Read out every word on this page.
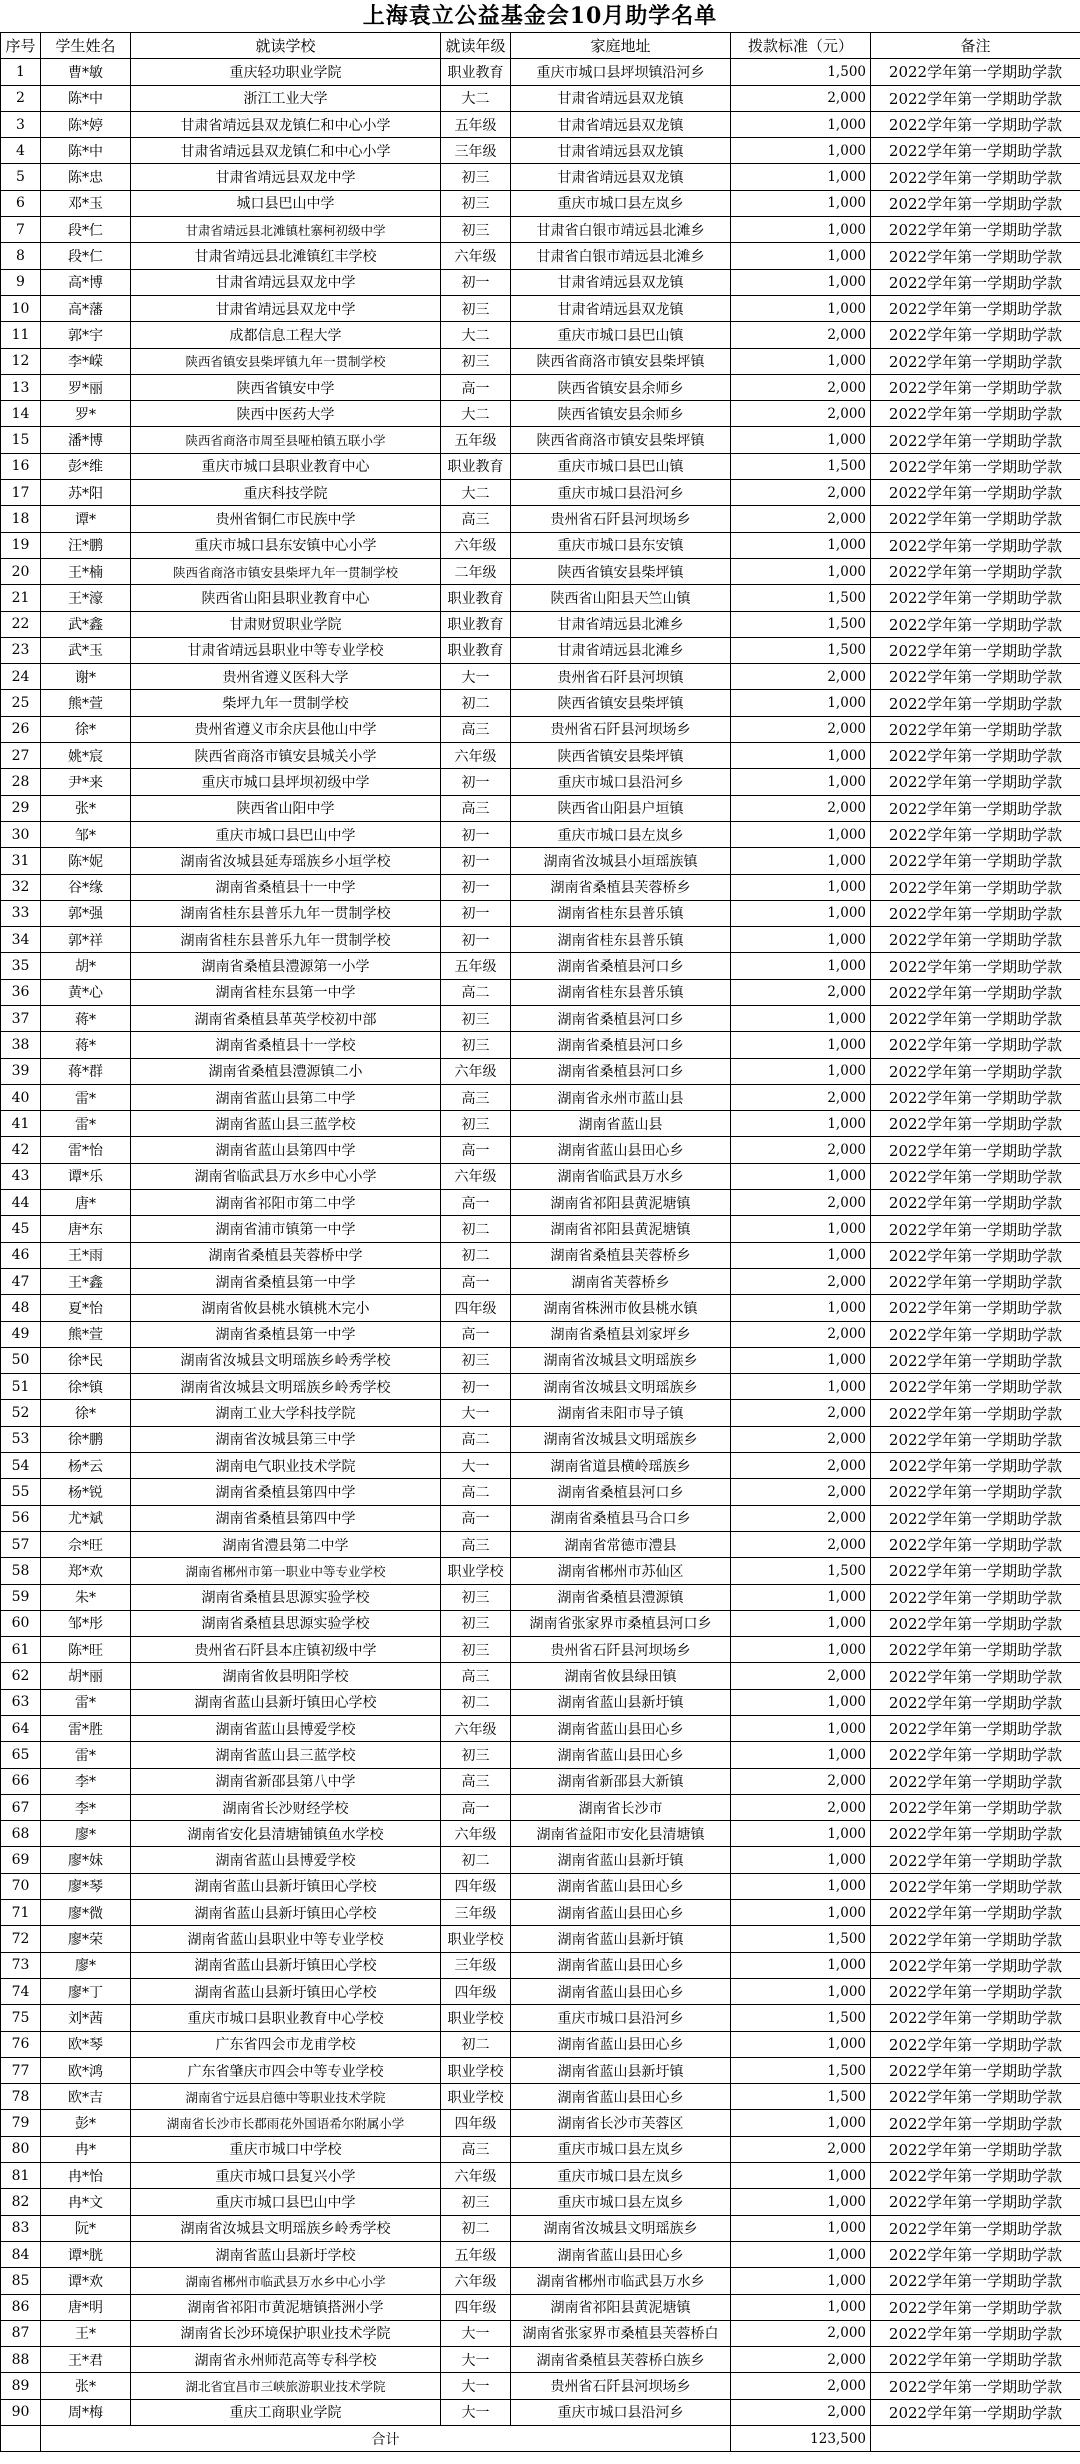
上海袁立公益基金会10月助学名单
序号	学生姓名	就读学校	就读年级	家庭地址	拨款标准（元）	备注
1	曹*敏	重庆轻功职业学院	职业教育	重庆市城口县坪坝镇沿河乡	1,500	2022学年第一学期助学款
2	陈*中	浙江工业大学	大二	甘肃省靖远县双龙镇	2,000	2022学年第一学期助学款
3	陈*婷	甘肃省靖远县双龙镇仁和中心小学	五年级	甘肃省靖远县双龙镇	1,000	2022学年第一学期助学款
4	陈*中	甘肃省靖远县双龙镇仁和中心小学	三年级	甘肃省靖远县双龙镇	1,000	2022学年第一学期助学款
5	陈*忠	甘肃省靖远县双龙中学	初三	甘肃省靖远县双龙镇	1,000	2022学年第一学期助学款
6	邓*玉	城口县巴山中学	初三	重庆市城口县左岚乡	1,000	2022学年第一学期助学款
7	段*仁	甘肃省靖远县北滩镇杜寨柯初级中学	初三	甘肃省白银市靖远县北滩乡	1,000	2022学年第一学期助学款
8	段*仁	甘肃省靖远县北滩镇红丰学校	六年级	甘肃省白银市靖远县北滩乡	1,000	2022学年第一学期助学款
9	高*博	甘肃省靖远县双龙中学	初一	甘肃省靖远县双龙镇	1,000	2022学年第一学期助学款
10	高*藩	甘肃省靖远县双龙中学	初三	甘肃省靖远县双龙镇	1,000	2022学年第一学期助学款
11	郭*宇	成都信息工程大学	大二	重庆市城口县巴山镇	2,000	2022学年第一学期助学款
12	李*嵘	陕西省镇安县柴坪镇九年一贯制学校	初三	陕西省商洛市镇安县柴坪镇	1,000	2022学年第一学期助学款
13	罗*丽	陕西省镇安中学	高一	陕西省镇安县余师乡	2,000	2022学年第一学期助学款
14	罗*	陕西中医药大学	大二	陕西省镇安县余师乡	2,000	2022学年第一学期助学款
15	潘*博	陕西省商洛市周至县哑柏镇五联小学	五年级	陕西省商洛市镇安县柴坪镇	1,000	2022学年第一学期助学款
16	彭*维	重庆市城口县职业教育中心	职业教育	重庆市城口县巴山镇	1,500	2022学年第一学期助学款
17	苏*阳	重庆科技学院	大二	重庆市城口县沿河乡	2,000	2022学年第一学期助学款
18	谭*	贵州省铜仁市民族中学	高三	贵州省石阡县河坝场乡	2,000	2022学年第一学期助学款
19	汪*鹏	重庆市城口县东安镇中心小学	六年级	重庆市城口县东安镇	1,000	2022学年第一学期助学款
20	王*楠	陕西省商洛市镇安县柴坪九年一贯制学校	二年级	陕西省镇安县柴坪镇	1,000	2022学年第一学期助学款
21	王*濠	陕西省山阳县职业教育中心	职业教育	陕西省山阳县天竺山镇	1,500	2022学年第一学期助学款
22	武*鑫	甘肃财贸职业学院	职业教育	甘肃省靖远县北滩乡	1,500	2022学年第一学期助学款
23	武*玉	甘肃省靖远县职业中等专业学校	职业教育	甘肃省靖远县北滩乡	1,500	2022学年第一学期助学款
24	谢*	贵州省遵义医科大学	大一	贵州省石阡县河坝镇	2,000	2022学年第一学期助学款
25	熊*萱	柴坪九年一贯制学校	初二	陕西省镇安县柴坪镇	1,000	2022学年第一学期助学款
26	徐*	贵州省遵义市余庆县他山中学	高三	贵州省石阡县河坝场乡	2,000	2022学年第一学期助学款
27	姚*宸	陕西省商洛市镇安县城关小学	六年级	陕西省镇安县柴坪镇	1,000	2022学年第一学期助学款
28	尹*来	重庆市城口县坪坝初级中学	初一	重庆市城口县沿河乡	1,000	2022学年第一学期助学款
29	张*	陕西省山阳中学	高三	陕西省山阳县户垣镇	2,000	2022学年第一学期助学款
30	邹*	重庆市城口县巴山中学	初一	重庆市城口县左岚乡	1,000	2022学年第一学期助学款
31	陈*妮	湖南省汝城县延寿瑶族乡小垣学校	初一	湖南省汝城县小垣瑶族镇	1,000	2022学年第一学期助学款
32	谷*缘	湖南省桑植县十一中学	初一	湖南省桑植县芙蓉桥乡	1,000	2022学年第一学期助学款
33	郭*强	湖南省桂东县普乐九年一贯制学校	初一	湖南省桂东县普乐镇	1,000	2022学年第一学期助学款
34	郭*祥	湖南省桂东县普乐九年一贯制学校	初一	湖南省桂东县普乐镇	1,000	2022学年第一学期助学款
35	胡*	湖南省桑植县澧源第一小学	五年级	湖南省桑植县河口乡	1,000	2022学年第一学期助学款
36	黄*心	湖南省桂东县第一中学	高二	湖南省桂东县普乐镇	2,000	2022学年第一学期助学款
37	蒋*	湖南省桑植县革英学校初中部	初三	湖南省桑植县河口乡	1,000	2022学年第一学期助学款
38	蒋*	湖南省桑植县十一学校	初三	湖南省桑植县河口乡	1,000	2022学年第一学期助学款
39	蒋*群	湖南省桑植县澧源镇二小	六年级	湖南省桑植县河口乡	1,000	2022学年第一学期助学款
40	雷*	湖南省蓝山县第二中学	高三	湖南省永州市蓝山县	2,000	2022学年第一学期助学款
41	雷*	湖南省蓝山县三蓝学校	初三	湖南省蓝山县	1,000	2022学年第一学期助学款
42	雷*怡	湖南省蓝山县第四中学	高一	湖南省蓝山县田心乡	2,000	2022学年第一学期助学款
43	谭*乐	湖南省临武县万水乡中心小学	六年级	湖南省临武县万水乡	1,000	2022学年第一学期助学款
44	唐*	湖南省祁阳市第二中学	高一	湖南省祁阳县黄泥塘镇	2,000	2022学年第一学期助学款
45	唐*东	湖南省浦市镇第一中学	初二	湖南省祁阳县黄泥塘镇	1,000	2022学年第一学期助学款
46	王*雨	湖南省桑植县芙蓉桥中学	初二	湖南省桑植县芙蓉桥乡	1,000	2022学年第一学期助学款
47	王*鑫	湖南省桑植县第一中学	高一	湖南省芙蓉桥乡	2,000	2022学年第一学期助学款
48	夏*怡	湖南省攸县桃水镇桃木完小	四年级	湖南省株洲市攸县桃水镇	1,000	2022学年第一学期助学款
49	熊*萱	湖南省桑植县第一中学	高一	湖南省桑植县刘家坪乡	2,000	2022学年第一学期助学款
50	徐*民	湖南省汝城县文明瑶族乡岭秀学校	初三	湖南省汝城县文明瑶族乡	1,000	2022学年第一学期助学款
51	徐*镇	湖南省汝城县文明瑶族乡岭秀学校	初一	湖南省汝城县文明瑶族乡	1,000	2022学年第一学期助学款
52	徐*	湖南工业大学科技学院	大一	湖南省耒阳市导子镇	2,000	2022学年第一学期助学款
53	徐*鹏	湖南省汝城县第三中学	高二	湖南省汝城县文明瑶族乡	2,000	2022学年第一学期助学款
54	杨*云	湖南电气职业技术学院	大一	湖南省道县横岭瑶族乡	2,000	2022学年第一学期助学款
55	杨*锐	湖南省桑植县第四中学	高二	湖南省桑植县河口乡	2,000	2022学年第一学期助学款
56	尤*斌	湖南省桑植县第四中学	高一	湖南省桑植县马合口乡	2,000	2022学年第一学期助学款
57	佘*旺	湖南省澧县第二中学	高三	湖南省常德市澧县	2,000	2022学年第一学期助学款
58	郑*欢	湖南省郴州市第一职业中等专业学校	职业学校	湖南省郴州市苏仙区	1,500	2022学年第一学期助学款
59	朱*	湖南省桑植县思源实验学校	初三	湖南省桑植县澧源镇	1,000	2022学年第一学期助学款
60	邹*彤	湖南省桑植县思源实验学校	初三	湖南省张家界市桑植县河口乡	1,000	2022学年第一学期助学款
61	陈*旺	贵州省石阡县本庄镇初级中学	初三	贵州省石阡县河坝场乡	1,000	2022学年第一学期助学款
62	胡*丽	湖南省攸县明阳学校	高三	湖南省攸县绿田镇	2,000	2022学年第一学期助学款
63	雷*	湖南省蓝山县新圩镇田心学校	初二	湖南省蓝山县新圩镇	1,000	2022学年第一学期助学款
64	雷*胜	湖南省蓝山县博爱学校	六年级	湖南省蓝山县田心乡	1,000	2022学年第一学期助学款
65	雷*	湖南省蓝山县三蓝学校	初三	湖南省蓝山县田心乡	1,000	2022学年第一学期助学款
66	李*	湖南省新邵县第八中学	高三	湖南省新邵县大新镇	2,000	2022学年第一学期助学款
67	李*	湖南省长沙财经学校	高一	湖南省长沙市	2,000	2022学年第一学期助学款
68	廖*	湖南省安化县清塘铺镇鱼水学校	六年级	湖南省益阳市安化县清塘镇	1,000	2022学年第一学期助学款
69	廖*妹	湖南省蓝山县博爱学校	初二	湖南省蓝山县新圩镇	1,000	2022学年第一学期助学款
70	廖*琴	湖南省蓝山县新圩镇田心学校	四年级	湖南省蓝山县田心乡	1,000	2022学年第一学期助学款
71	廖*微	湖南省蓝山县新圩镇田心学校	三年级	湖南省蓝山县田心乡	1,000	2022学年第一学期助学款
72	廖*荣	湖南省蓝山县职业中等专业学校	职业学校	湖南省蓝山县新圩镇	1,500	2022学年第一学期助学款
73	廖*	湖南省蓝山县新圩镇田心学校	三年级	湖南省蓝山县田心乡	1,000	2022学年第一学期助学款
74	廖*丁	湖南省蓝山县新圩镇田心学校	四年级	湖南省蓝山县田心乡	1,000	2022学年第一学期助学款
75	刘*茜	重庆市城口县职业教育中心学校	职业学校	重庆市城口县沿河乡	1,500	2022学年第一学期助学款
76	欧*琴	广东省四会市龙甫学校	初二	湖南省蓝山县田心乡	1,000	2022学年第一学期助学款
77	欧*鸿	广东省肇庆市四会中等专业学校	职业学校	湖南省蓝山县新圩镇	1,500	2022学年第一学期助学款
78	欧*吉	湖南省宁远县启德中等职业技术学院	职业学校	湖南省蓝山县田心乡	1,500	2022学年第一学期助学款
79	彭*	湖南省长沙市长郡雨花外国语希尔附属小学	四年级	湖南省长沙市芙蓉区	1,000	2022学年第一学期助学款
80	冉*	重庆市城口中学校	高三	重庆市城口县左岚乡	2,000	2022学年第一学期助学款
81	冉*怡	重庆市城口县复兴小学	六年级	重庆市城口县左岚乡	1,000	2022学年第一学期助学款
82	冉*文	重庆市城口县巴山中学	初三	重庆市城口县左岚乡	1,000	2022学年第一学期助学款
83	阮*	湖南省汝城县文明瑶族乡岭秀学校	初二	湖南省汝城县文明瑶族乡	1,000	2022学年第一学期助学款
84	谭*胱	湖南省蓝山县新圩学校	五年级	湖南省蓝山县田心乡	1,000	2022学年第一学期助学款
85	谭*欢	湖南省郴州市临武县万水乡中心小学	六年级	湖南省郴州市临武县万水乡	1,000	2022学年第一学期助学款
86	唐*明	湖南省祁阳市黄泥塘镇搭洲小学	四年级	湖南省祁阳县黄泥塘镇	1,000	2022学年第一学期助学款
87	王*	湖南省长沙环境保护职业技术学院	大一	湖南省张家界市桑植县芙蓉桥白	2,000	2022学年第一学期助学款
88	王*君	湖南省永州师范高等专科学校	大一	湖南省桑植县芙蓉桥白族乡	2,000	2022学年第一学期助学款
89	张*	湖北省宜昌市三峡旅游职业技术学院	大一	贵州省石阡县河坝场乡	2,000	2022学年第一学期助学款
90	周*梅	重庆工商职业学院	大一	重庆市城口县沿河乡	2,000	2022学年第一学期助学款
	合计				123,500	
